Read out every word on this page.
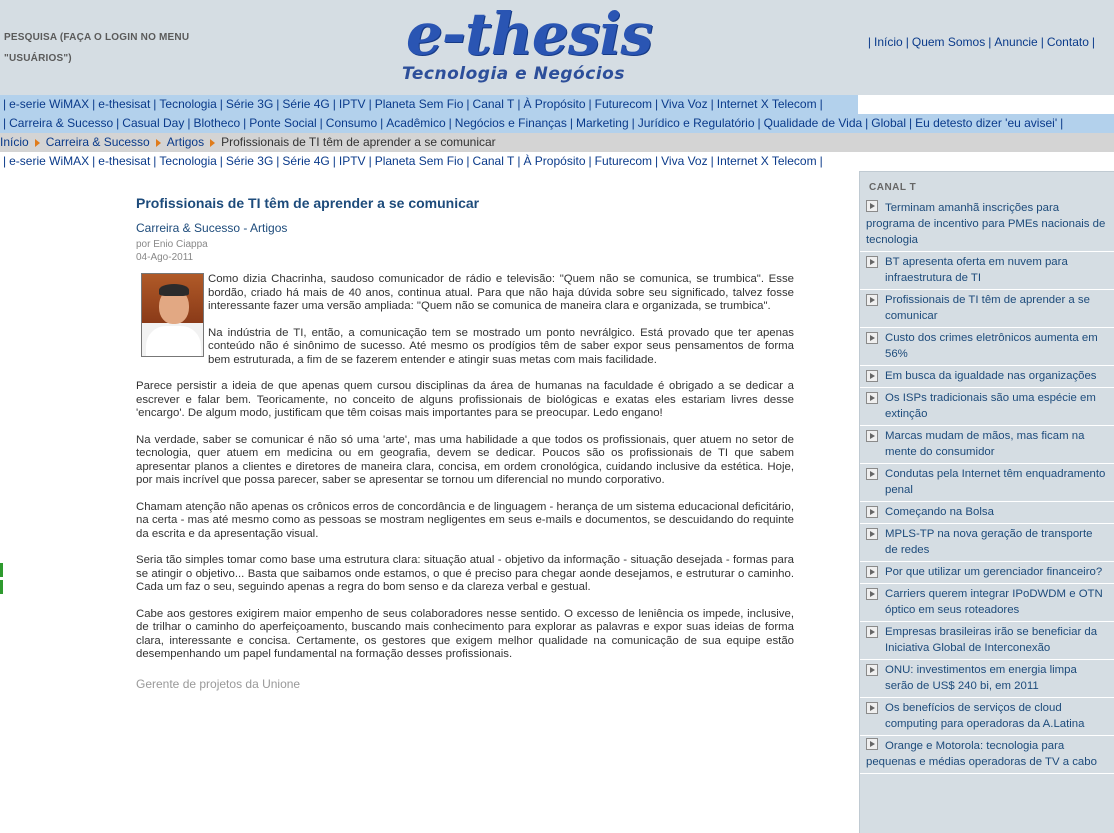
PESQUISA (FAÇA O LOGIN NO MENU
"USUÁRIOS")	e-thesis
Tecnologia e Negócios
| Início | Quem Somos | Anuncie | Contato |
| e-serie WiMAX | e-thesisat | Tecnologia | Série 3G | Série 4G | IPTV | Planeta Sem Fio | Canal T | À Propósito | Futurecom | Viva Voz | Internet X Telecom |
| Carreira & Sucesso | Casual Day | Blotheco | Ponte Social | Consumo | Acadêmico | Negócios e Finanças | Marketing | Jurídico e Regulatório | Qualidade de Vida | Global | Eu detesto dizer 'eu avisei' |
Início Carreira & Sucesso Artigos Profissionais de TI têm de aprender a se comunicar
| e-serie WiMAX | e-thesisat | Tecnologia | Série 3G | Série 4G | IPTV | Planeta Sem Fio | Canal T | À Propósito | Futurecom | Viva Voz | Internet X Telecom |
Profissionais de TI têm de aprender a se comunicar
Carreira & Sucesso - Artigos
por Enio Ciappa
04-Ago-2011

Como dizia Chacrinha, saudoso comunicador de rádio e televisão: "Quem não se comunica, se trumbica". Esse bordão, criado há mais de 40 anos, continua atual. Para que não haja dúvida sobre seu significado, talvez fosse interessante fazer uma versão ampliada: "Quem não se comunica de maneira clara e organizada, se trumbica".

Na indústria de TI, então, a comunicação tem se mostrado um ponto nevrálgico. Está provado que ter apenas conteúdo não é sinônimo de sucesso. Até mesmo os prodígios têm de saber expor seus pensamentos de forma bem estruturada, a fim de se fazerem entender e atingir suas metas com mais facilidade.

Parece persistir a ideia de que apenas quem cursou disciplinas da área de humanas na faculdade é obrigado a se dedicar a escrever e falar bem. Teoricamente, no conceito de alguns profissionais de biológicas e exatas eles estariam livres desse 'encargo'. De algum modo, justificam que têm coisas mais importantes para se preocupar. Ledo engano!

Na verdade, saber se comunicar é não só uma 'arte', mas uma habilidade a que todos os profissionais, quer atuem no setor de tecnologia, quer atuem em medicina ou em geografia, devem se dedicar. Poucos são os profissionais de TI que sabem apresentar planos a clientes e diretores de maneira clara, concisa, em ordem cronológica, cuidando inclusive da estética. Hoje, por mais incrível que possa parecer, saber se apresentar se tornou um diferencial no mundo corporativo.

Chamam atenção não apenas os crônicos erros de concordância e de linguagem - herança de um sistema educacional deficitário, na certa - mas até mesmo como as pessoas se mostram negligentes em seus e-mails e documentos, se descuidando do requinte da escrita e da apresentação visual.

Seria tão simples tomar como base uma estrutura clara: situação atual - objetivo da informação - situação desejada - formas para se atingir o objetivo... Basta que saibamos onde estamos, o que é preciso para chegar aonde desejamos, e estruturar o caminho. Cada um faz o seu, seguindo apenas a regra do bom senso e da clareza verbal e gestual.

Cabe aos gestores exigirem maior empenho de seus colaboradores nesse sentido. O excesso de leniência os impede, inclusive, de trilhar o caminho do aperfeiçoamento, buscando mais conhecimento para explorar as palavras e expor suas ideias de forma clara, interessante e concisa. Certamente, os gestores que exigem melhor qualidade na comunicação de sua equipe estão desempenhando um papel fundamental na formação desses profissionais.

Gerente de projetos da Unione
CANAL T
Terminam amanhã inscrições para programa de incentivo para PMEs nacionais de tecnologia
BT apresenta oferta em nuvem para infraestrutura de TI
Profissionais de TI têm de aprender a se comunicar
Custo dos crimes eletrônicos aumenta em 56%
Em busca da igualdade nas organizações
Os ISPs tradicionais são uma espécie em extinção
Marcas mudam de mãos, mas ficam na mente do consumidor
Condutas pela Internet têm enquadramento penal
Começando na Bolsa
MPLS-TP na nova geração de transporte de redes
Por que utilizar um gerenciador financeiro?
Carriers querem integrar IPoDWDM e OTN óptico em seus roteadores
Empresas brasileiras irão se beneficiar da Iniciativa Global de Interconexão
ONU: investimentos em energia limpa serão de US$ 240 bi, em 2011
Os benefícios de serviços de cloud computing para operadoras da A.Latina
Orange e Motorola: tecnologia para pequenas e médias operadoras de TV a cabo
